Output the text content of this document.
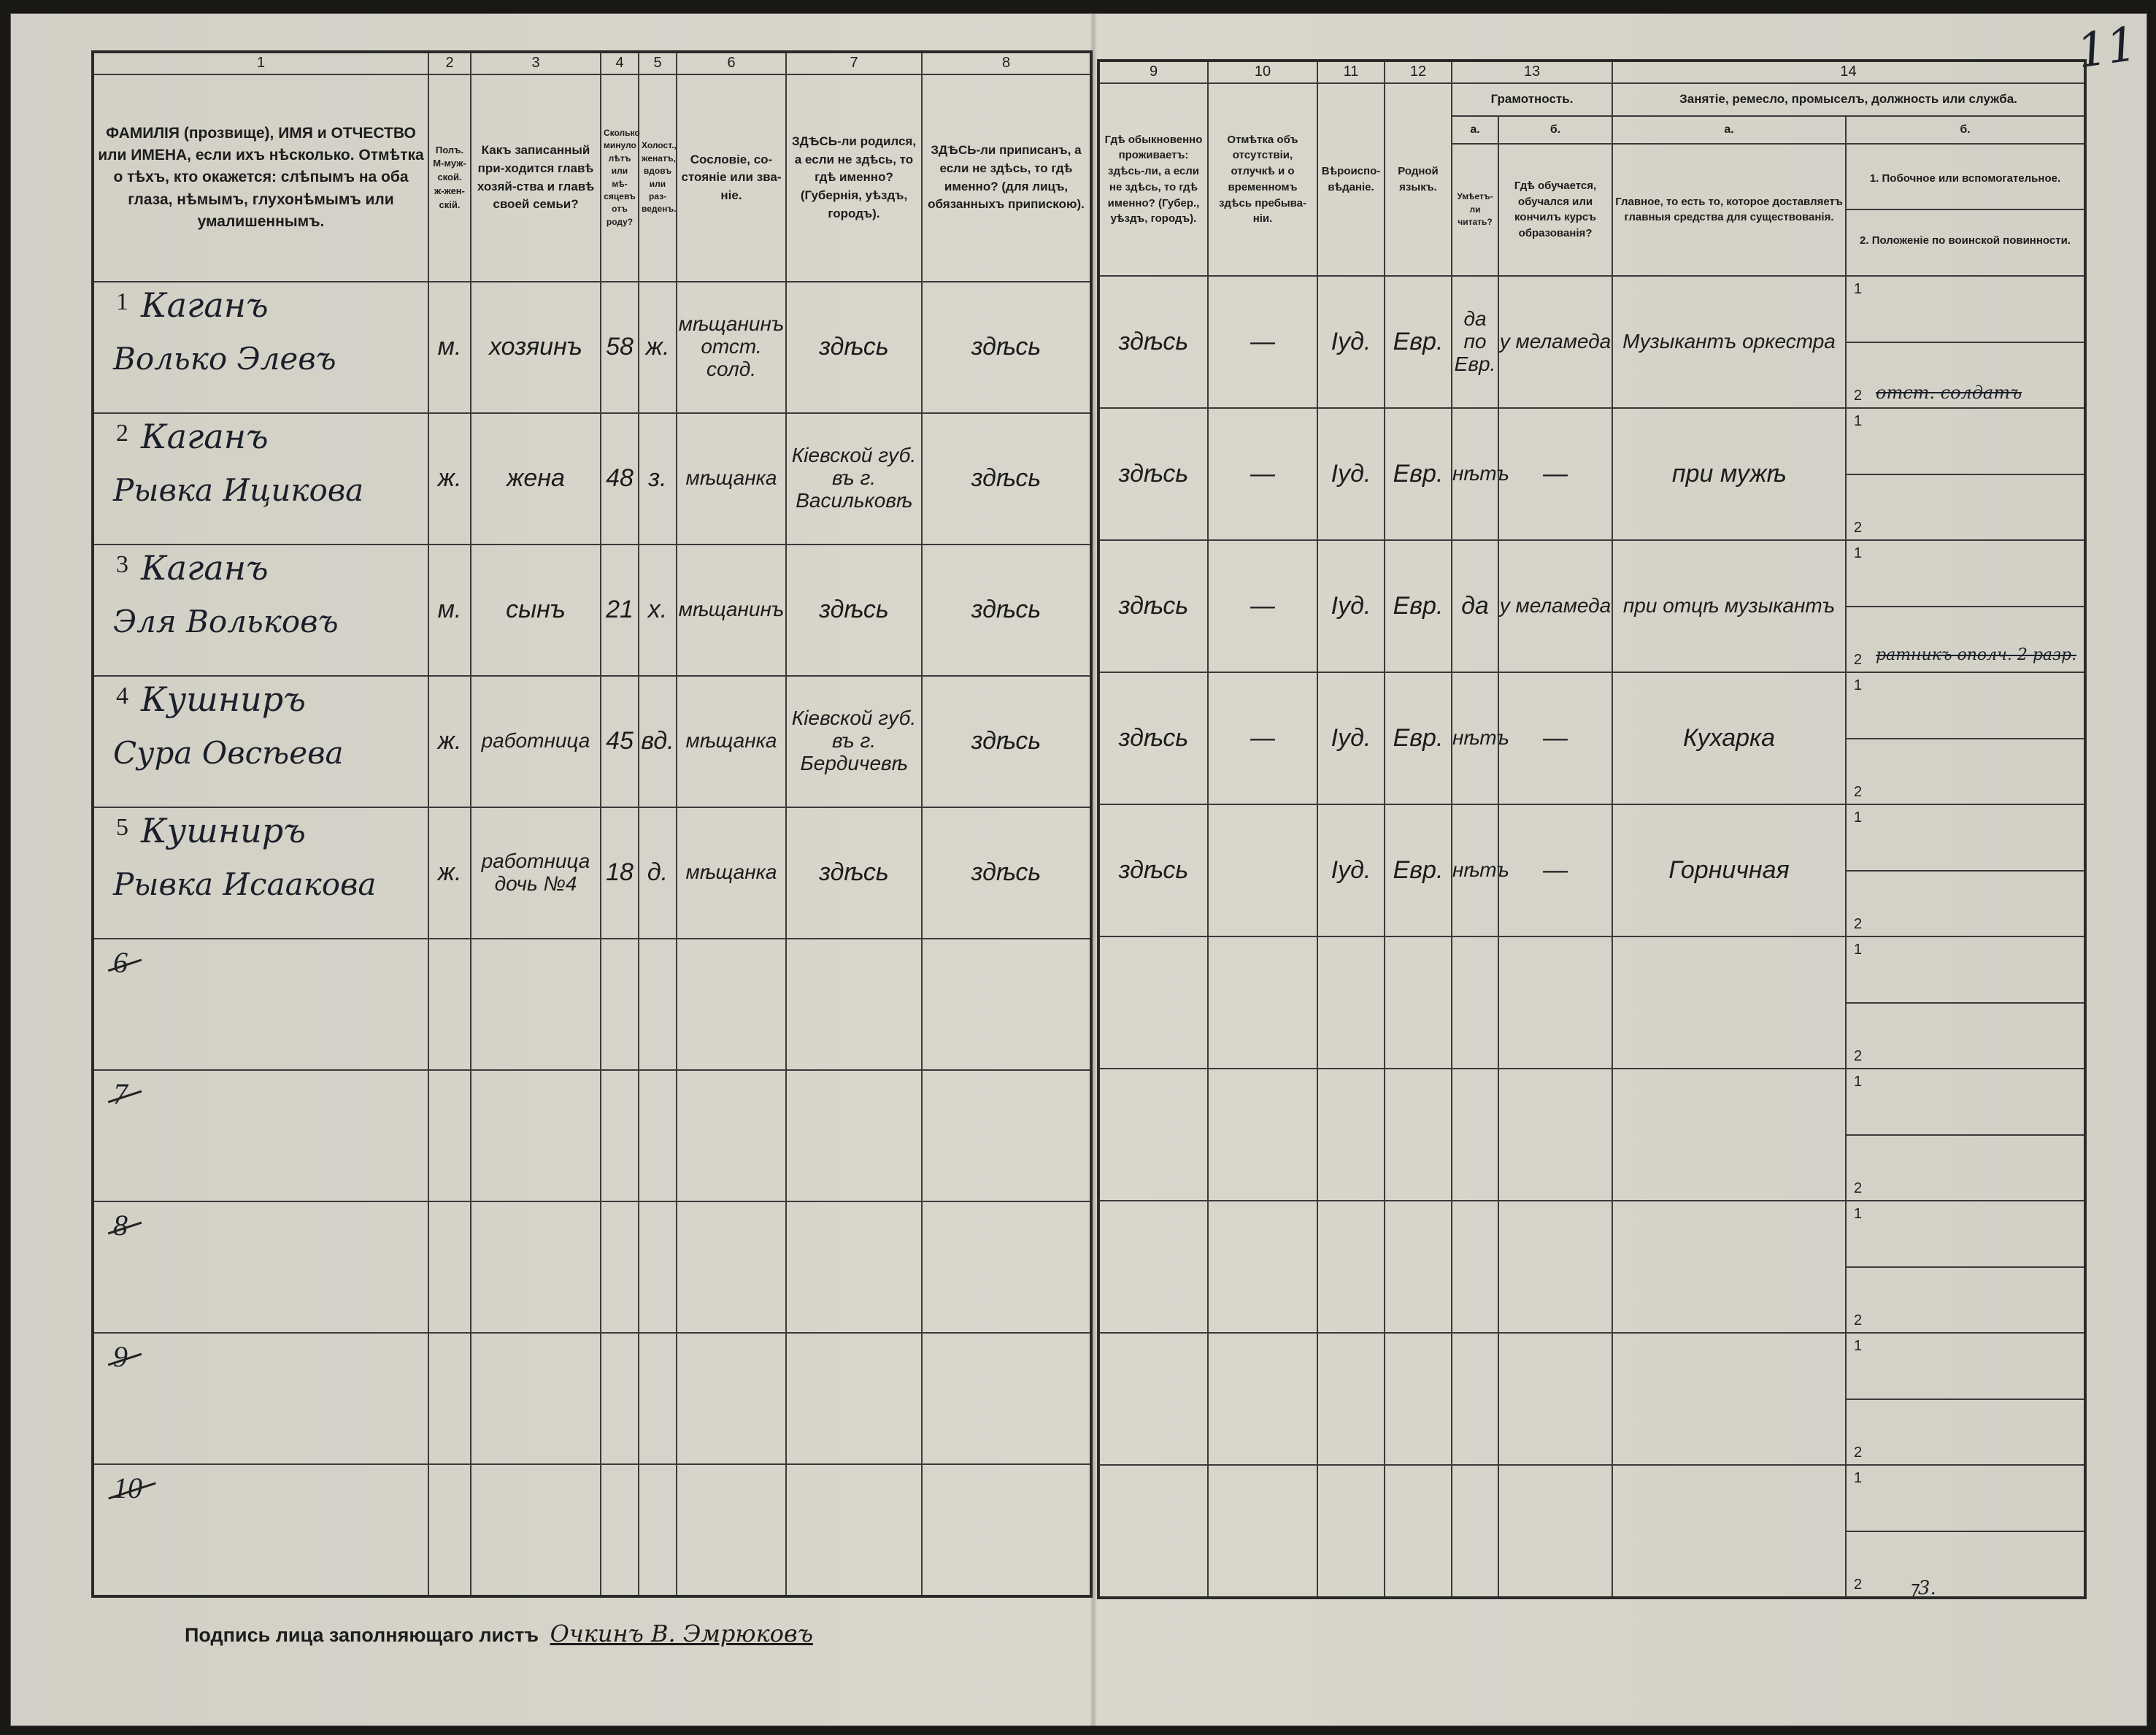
11
1	2	3	4	5	6	7	8
ФАМИЛІЯ (прозвище), ИМЯ и ОТЧЕСТВО или ИМЕНА, если ихъ нѣсколько. Отмѣтка о тѣхъ, кто окажется: слѣпымъ на оба глаза, нѣмымъ, глухонѣмымъ или умалишеннымъ.	Полъ. М-муж-ской. ж-жен-скій.	Какъ записанный при-ходится главѣ хозяй-ства и главѣ своей семьи?	Сколько минуло лѣтъ или мѣ-сяцевъ отъ роду?	Холост., женатъ, вдовъ или раз-веденъ.	Сословіе, со-стояніе или зва-ніе.	ЗДѢСЬ-ли родился, а если не здѣсь, то гдѣ именно? (Губернія, уѣздъ, городъ).	ЗДѢСЬ-ли приписанъ, а если не здѣсь, то гдѣ именно? (для лицъ, обязанныхъ припискою).

1 Каганъ
Волько Элевъ	м.	хозяинъ	58	ж.	мѣщанинъ отст. солд.	здѣсь	здѣсь

2 Каганъ
Рывка Ицикова	ж.	жена	48	з.	мѣщанка	Кіевской губ. въ г. Васильковѣ	здѣсь

3 Каганъ
Эля Вольковъ	м.	сынъ	21	х.	мѣщанинъ	здѣсь	здѣсь

4 Кушниръ
Сура Овсѣева	ж.	работница	45	вд.	мѣщанка	Кіевской губ. въ г. Бердичевѣ	здѣсь

5 Кушниръ
Рывка Исаакова	ж.	работница дочь №4	18	д.	мѣщанка	здѣсь	здѣсь

6							

7							

8							

9							

10							

9	10	11	12	13		14	
Гдѣ обыкновенно проживаетъ: здѣсь-ли, а если не здѣсь, то гдѣ именно? (Губер., уѣздъ, городъ).	Отмѣтка объ отсутствіи, отлучкѣ и о временномъ здѣсь пребыва-ніи.	Вѣроиспо-вѣданіе.	Родной языкъ.	Грамотность.		Занятіе, ремесло, промыселъ, должность или служба.	
				а.	б.	а.	б.
				Умѣетъ-ли читать?	Гдѣ обучается, обучался или кончилъ курсъ образованія?	Главное, то есть то, которое доставляетъ главныя средства для существованія.	1. Побочное или вспомогательное.
2. Положеніе по воинской повинности.

здѣсь	—	Іуд.	Евр.	да по Евр.	у меламеда	Музыкантъ оркестра	1
2 отст. солдатъ

здѣсь	—	Іуд.	Евр.	нѣтъ	—	при мужѣ	1
2

здѣсь	—	Іуд.	Евр.	да	у меламеда	при отцѣ музыкантъ	1
2 ратникъ ополч. 2 разр.

здѣсь	—	Іуд.	Евр.	нѣтъ	—	Кухарка	1
2

здѣсь		Іуд.	Евр.	нѣтъ	—	Горничная	1
2

							1
2

							1
2

							1
2

							1
2

							1
2 ⁊3.
Подпись лица заполняющаго листъ Очкинъ В. Эмрюковъ
